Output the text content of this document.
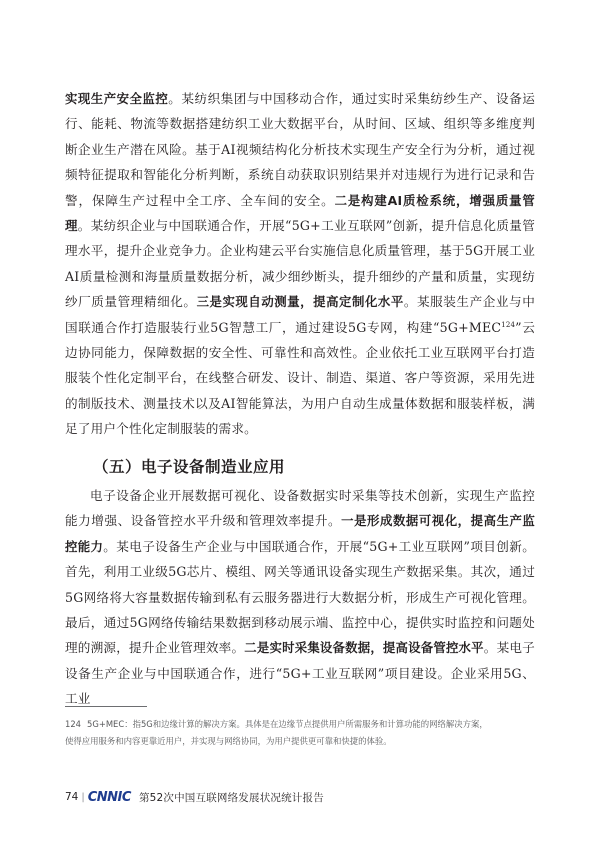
实现生产安全监控。某纺织集团与中国移动合作，通过实时采集纺纱生产、设备运行、能耗、物流等数据搭建纺织工业大数据平台，从时间、区域、组织等多维度判断企业生产潜在风险。基于AI视频结构化分析技术实现生产安全行为分析，通过视频特征提取和智能化分析判断，系统自动获取识别结果并对违规行为进行记录和告警，保障生产过程中全工序、全车间的安全。二是构建AI质检系统，增强质量管理。某纺织企业与中国联通合作，开展“5G+工业互联网”创新，提升信息化质量管理水平，提升企业竞争力。企业构建云平台实施信息化质量管理，基于5G开展工业AI质量检测和海量质量数据分析，减少细纱断头，提升细纱的产量和质量，实现纺纱厂质量管理精细化。三是实现自动测量，提高定制化水平。某服装生产企业与中国联通合作打造服装行业5G智慧工厂，通过建设5G专网，构建“$5G+MEC^{124}$”云边协同能力，保障数据的安全性、可靠性和高效性。企业依托工业互联网平台打造服装个性化定制平台，在线整合研发、设计、制造、渠道、客户等资源，采用先进的制版技术、测量技术以及AI智能算法，为用户自动生成量体数据和服装样板，满足了用户个性化定制服装的需求。

（五）电子设备制造业应用

电子设备企业开展数据可视化、设备数据实时采集等技术创新，实现生产监控能力增强、设备管控水平升级和管理效率提升。一是形成数据可视化，提高生产监控能力。某电子设备生产企业与中国联通合作，开展“5G+工业互联网”项目创新。首先，利用工业级5G芯片、模组、网关等通讯设备实现生产数据采集。其次，通过5G网络将大容量数据传输到私有云服务器进行大数据分析，形成生产可视化管理。最后，通过5G网络传输结果数据到移动展示端、监控中心，提供实时监控和问题处理的溯源，提升企业管理效率。二是实时采集设备数据，提高设备管控水平。某电子设备生产企业与中国联通合作，进行“5G+工业互联网”项目建设。企业采用5G、工业

124 5G+MEC：指5G和边缘计算的解决方案。具体是在边缘节点提供用户所需服务和计算功能的网络解决方案，
使得应用服务和内容更靠近用户，并实现与网络协同，为用户提供更可靠和快捷的体验。

74 | CNNIC 第52次中国互联网络发展状况统计报告
